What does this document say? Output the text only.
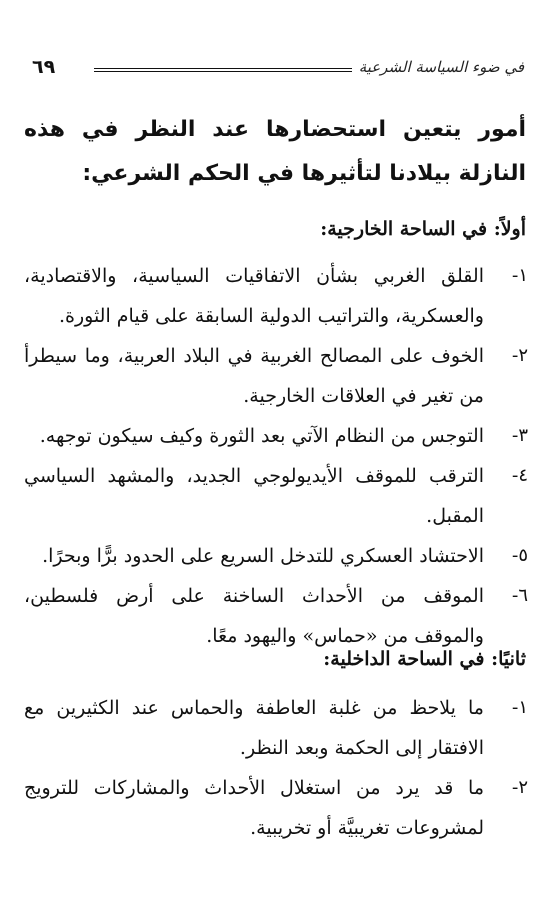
في ضوء السياسة الشرعية
٦٩
أمور يتعين استحضارها عند النظر في هذه النازلة بيلادنا لتأثيرها في الحكم الشرعي:
أولاً: في الساحة الخارجية:
١-
القلق الغربي بشأن الاتفاقيات السياسية، والاقتصادية، والعسكرية، والتراتيب الدولية السابقة على قيام الثورة.
٢-
الخوف على المصالح الغربية في البلاد العربية، وما سيطرأ من تغير في العلاقات الخارجية.
٣-
التوجس من النظام الآتي بعد الثورة وكيف سيكون توجهه.
٤-
الترقب للموقف الأيديولوجي الجديد، والمشهد السياسي المقبل.
٥-
الاحتشاد العسكري للتدخل السريع على الحدود برًّا وبحرًا.
٦-
الموقف من الأحداث الساخنة على أرض فلسطين، والموقف من «حماس» واليهود معًا.
ثانيًا: في الساحة الداخلية:
١-
ما يلاحظ من غلبة العاطفة والحماس عند الكثيرين مع الافتقار إلى الحكمة وبعد النظر.
٢-
ما قد يرد من استغلال الأحداث والمشاركات للترويج لمشروعات تغريبيَّة أو تخريبية.
